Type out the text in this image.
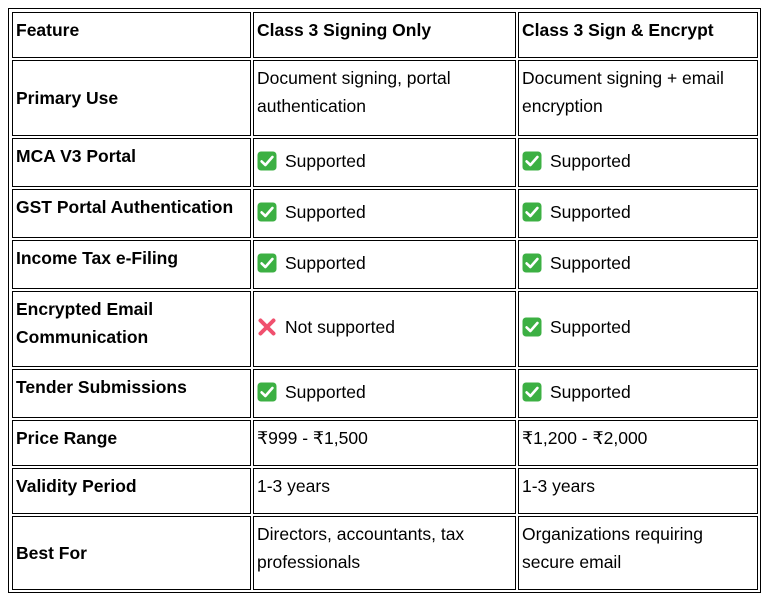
Feature	Class 3 Signing Only	Class 3 Sign & Encrypt
Primary Use	Document signing, portal authentication	Document signing + email encryption
MCA V3 Portal	Supported	Supported

GST Portal Authentication	Supported	Supported

Income Tax e-Filing	Supported	Supported

Encrypted Email Communication	Not supported	Supported

Tender Submissions	Supported	Supported

Price Range	₹999 - ₹1,500	₹1,200 - ₹2,000
Validity Period	1-3 years	1-3 years
Best For	Directors, accountants, tax professionals	Organizations requiring secure email
